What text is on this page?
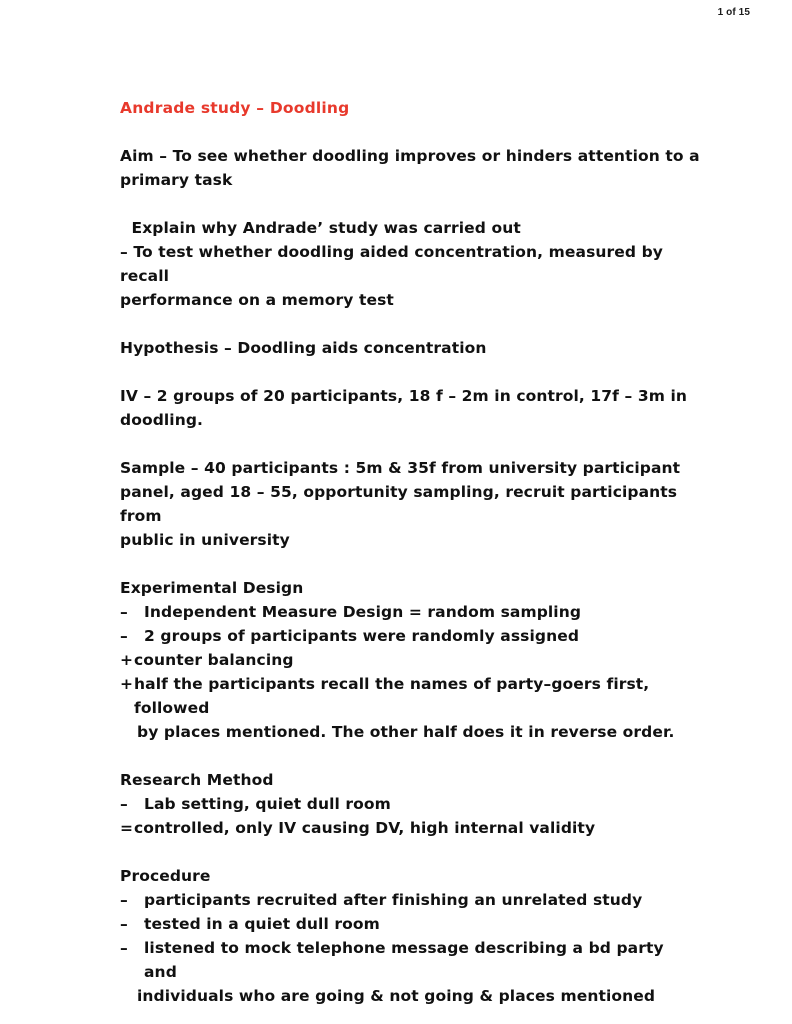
1 of 15
Andrade study – Doodling
Aim – To see whether doodling improves or hinders attention to a
primary task
Explain why Andrade’ study was carried out
– To test whether doodling aided concentration, measured by recall
performance on a memory test
Hypothesis – Doodling aids concentration
IV – 2 groups of 20 participants, 18 f – 2m in control, 17f – 3m in
doodling.
Sample – 40 participants : 5m & 35f from university participant
panel, aged 18 – 55, opportunity sampling, recruit participants from
public in university
Experimental Design
–	Independent Measure Design = random sampling
–	2 groups of participants were randomly assigned
+ counter balancing
+ half the participants recall the names of party–goers first, followed
by places mentioned. The other half does it in reverse order.
Research Method
–	Lab setting, quiet dull room
= controlled, only IV causing DV, high internal validity
Procedure
–	participants recruited after finishing an unrelated study
–	tested in a quiet dull room
–	listened to mock telephone message describing a bd party and
individuals who are going & not going & places mentioned
